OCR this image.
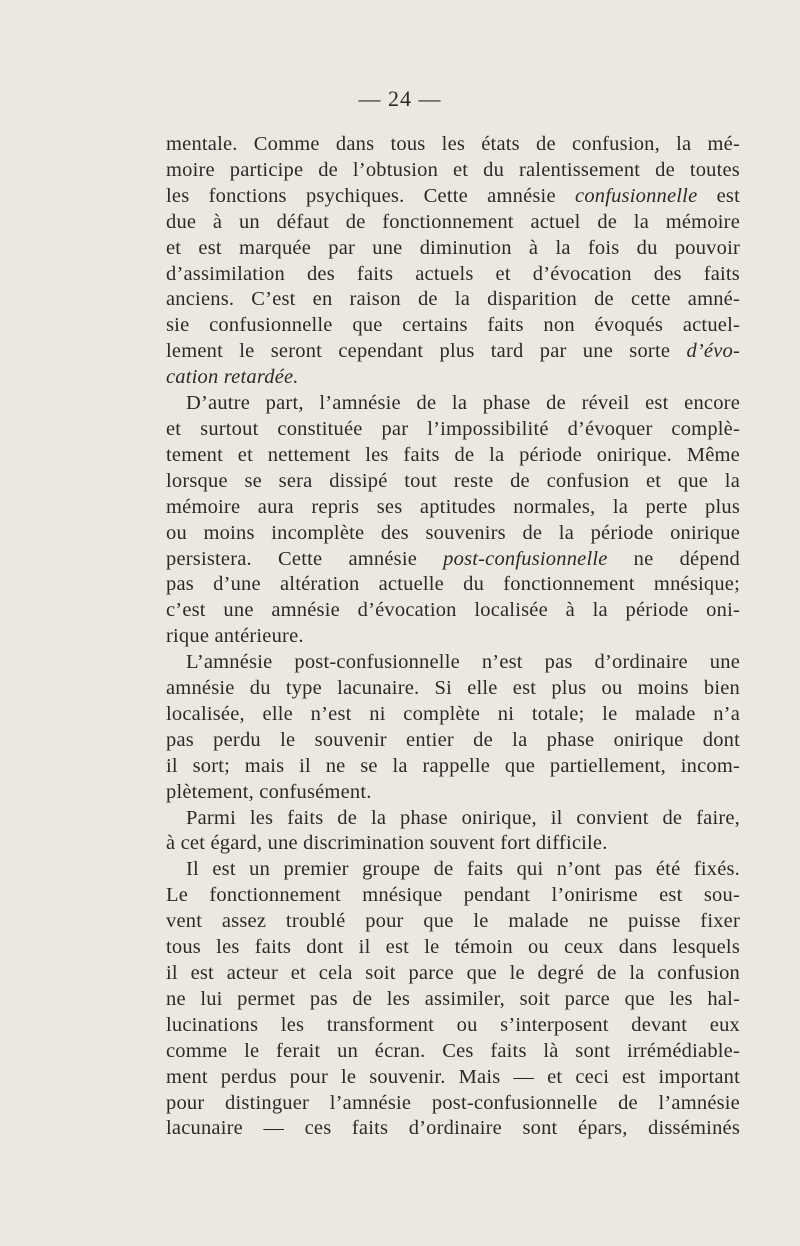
— 24 —

mentale. Comme dans tous les états de confusion, la mé-
moire participe de l’obtusion et du ralentissement de toutes
les fonctions psychiques. Cette amnésie confusionnelle est
due à un défaut de fonctionnement actuel de la mémoire
et est marquée par une diminution à la fois du pouvoir
d’assimilation des faits actuels et d’évocation des faits
anciens. C’est en raison de la disparition de cette amné-
sie confusionnelle que certains faits non évoqués actuel-
lement le seront cependant plus tard par une sorte d’évo-
cation retardée.

D’autre part, l’amnésie de la phase de réveil est encore
et surtout constituée par l’impossibilité d’évoquer complè-
tement et nettement les faits de la période onirique. Même
lorsque se sera dissipé tout reste de confusion et que la
mémoire aura repris ses aptitudes normales, la perte plus
ou moins incomplète des souvenirs de la période onirique
persistera. Cette amnésie post-confusionnelle ne dépend
pas d’une altération actuelle du fonctionnement mnésique;
c’est une amnésie d’évocation localisée à la période oni-
rique antérieure.

L’amnésie post-confusionnelle n’est pas d’ordinaire une
amnésie du type lacunaire. Si elle est plus ou moins bien
localisée, elle n’est ni complète ni totale; le malade n’a
pas perdu le souvenir entier de la phase onirique dont
il sort; mais il ne se la rappelle que partiellement, incom-
plètement, confusément.

Parmi les faits de la phase onirique, il convient de faire,
à cet égard, une discrimination souvent fort difficile.

Il est un premier groupe de faits qui n’ont pas été fixés.
Le fonctionnement mnésique pendant l’onirisme est sou-
vent assez troublé pour que le malade ne puisse fixer
tous les faits dont il est le témoin ou ceux dans lesquels
il est acteur et cela soit parce que le degré de la confusion
ne lui permet pas de les assimiler, soit parce que les hal-
lucinations les transforment ou s’interposent devant eux
comme le ferait un écran. Ces faits là sont irrémédiable-
ment perdus pour le souvenir. Mais — et ceci est important
pour distinguer l’amnésie post-confusionnelle de l’amnésie
lacunaire — ces faits d’ordinaire sont épars, disséminés
